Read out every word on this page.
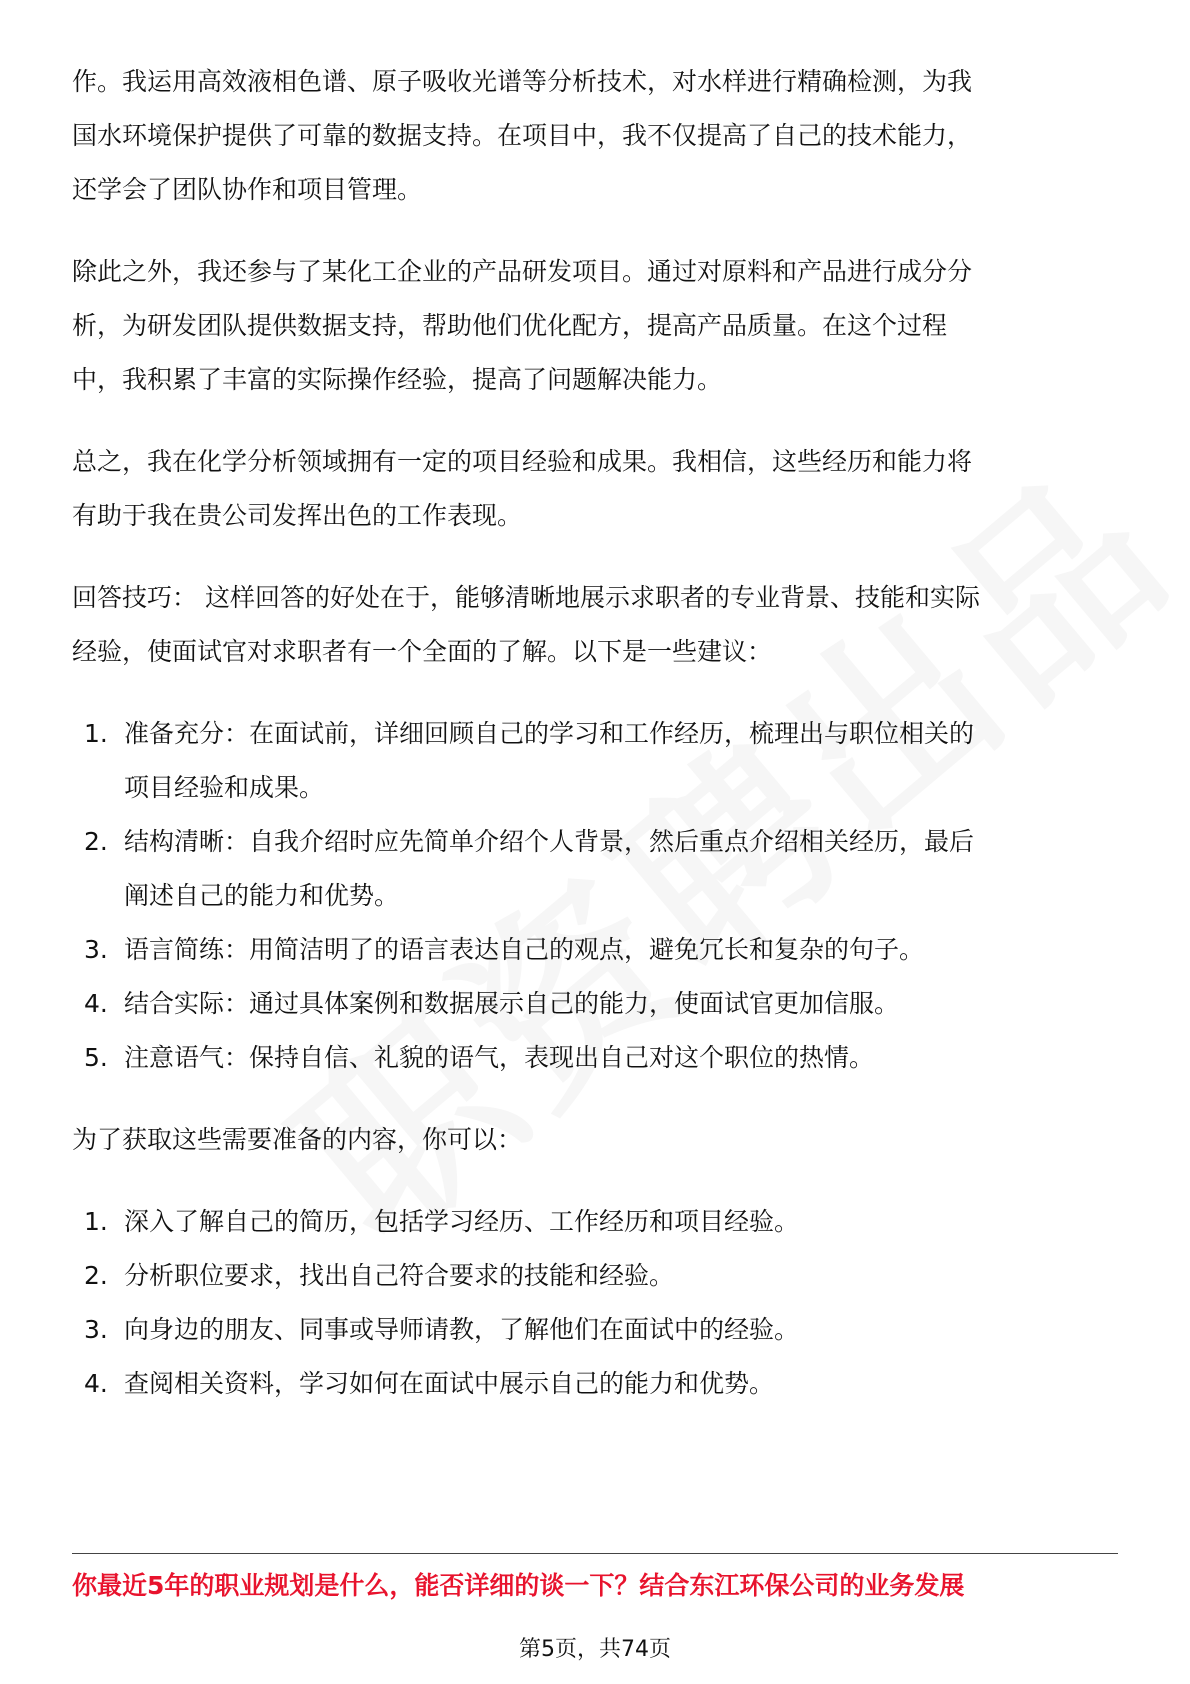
作。我运用高效液相色谱、原子吸收光谱等分析技术，对水样进行精确检测，为我
国水环境保护提供了可靠的数据支持。在项目中，我不仅提高了自己的技术能力，
还学会了团队协作和项目管理。

除此之外，我还参与了某化工企业的产品研发项目。通过对原料和产品进行成分分
析，为研发团队提供数据支持，帮助他们优化配方，提高产品质量。在这个过程
中，我积累了丰富的实际操作经验，提高了问题解决能力。

总之，我在化学分析领域拥有一定的项目经验和成果。我相信，这些经历和能力将
有助于我在贵公司发挥出色的工作表现。

回答技巧： 这样回答的好处在于，能够清晰地展示求职者的专业背景、技能和实际
经验，使面试官对求职者有一个全面的了解。以下是一些建议：

1. 准备充分：在面试前，详细回顾自己的学习和工作经历，梳理出与职位相关的
项目经验和成果。
2. 结构清晰：自我介绍时应先简单介绍个人背景，然后重点介绍相关经历，最后
阐述自己的能力和优势。
3. 语言简练：用简洁明了的语言表达自己的观点，避免冗长和复杂的句子。
4. 结合实际：通过具体案例和数据展示自己的能力，使面试官更加信服。
5. 注意语气：保持自信、礼貌的语气，表现出自己对这个职位的热情。

为了获取这些需要准备的内容，你可以：

1. 深入了解自己的简历，包括学习经历、工作经历和项目经验。
2. 分析职位要求，找出自己符合要求的技能和经验。
3. 向身边的朋友、同事或导师请教，了解他们在面试中的经验。
4. 查阅相关资料，学习如何在面试中展示自己的能力和优势。
你最近5年的职业规划是什么，能否详细的谈一下？结合东江环保公司的业务发展
第5页，共74页
